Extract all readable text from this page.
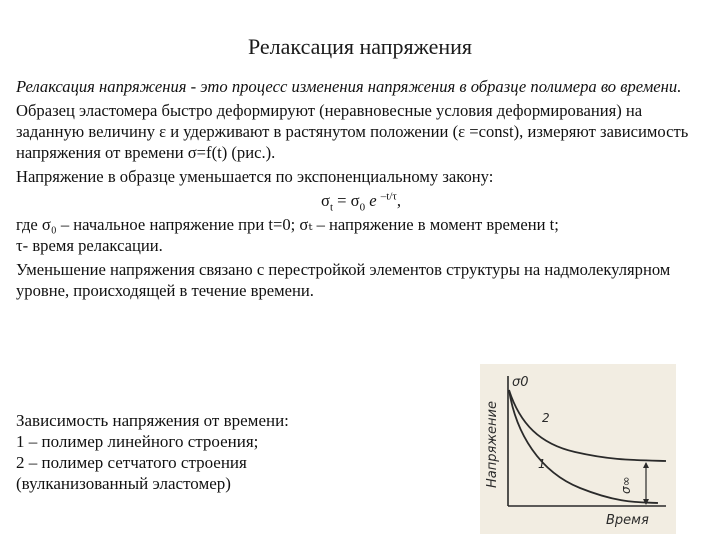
Релаксация напряжения

Релаксация напряжения - это процесс изменения напряжения в образце полимера во времени.

Образец эластомера быстро деформируют (неравновесные условия деформирования) на заданную величину ε и удерживают в растянутом положении (ε =const), измеряют зависимость напряжения от времени σ=f(t) (рис.).

Напряжение в образце уменьшается по экспоненциальному закону:

$\sigma_t = \sigma_0$ e $^{-t/\tau}$,

где σ₀ – начальное напряжение при t=0; σₜ – напряжение в момент времени t;

τ- время релаксации.

Уменьшение напряжения связано с перестройкой элементов структуры на надмолекулярном уровне, происходящей в течение времени.

Зависимость напряжения от времени:
1 – полимер линейного строения;
2 – полимер сетчатого строения
(вулканизованный эластомер)	Напряжение
Время
σ0
σ∞
1
2
